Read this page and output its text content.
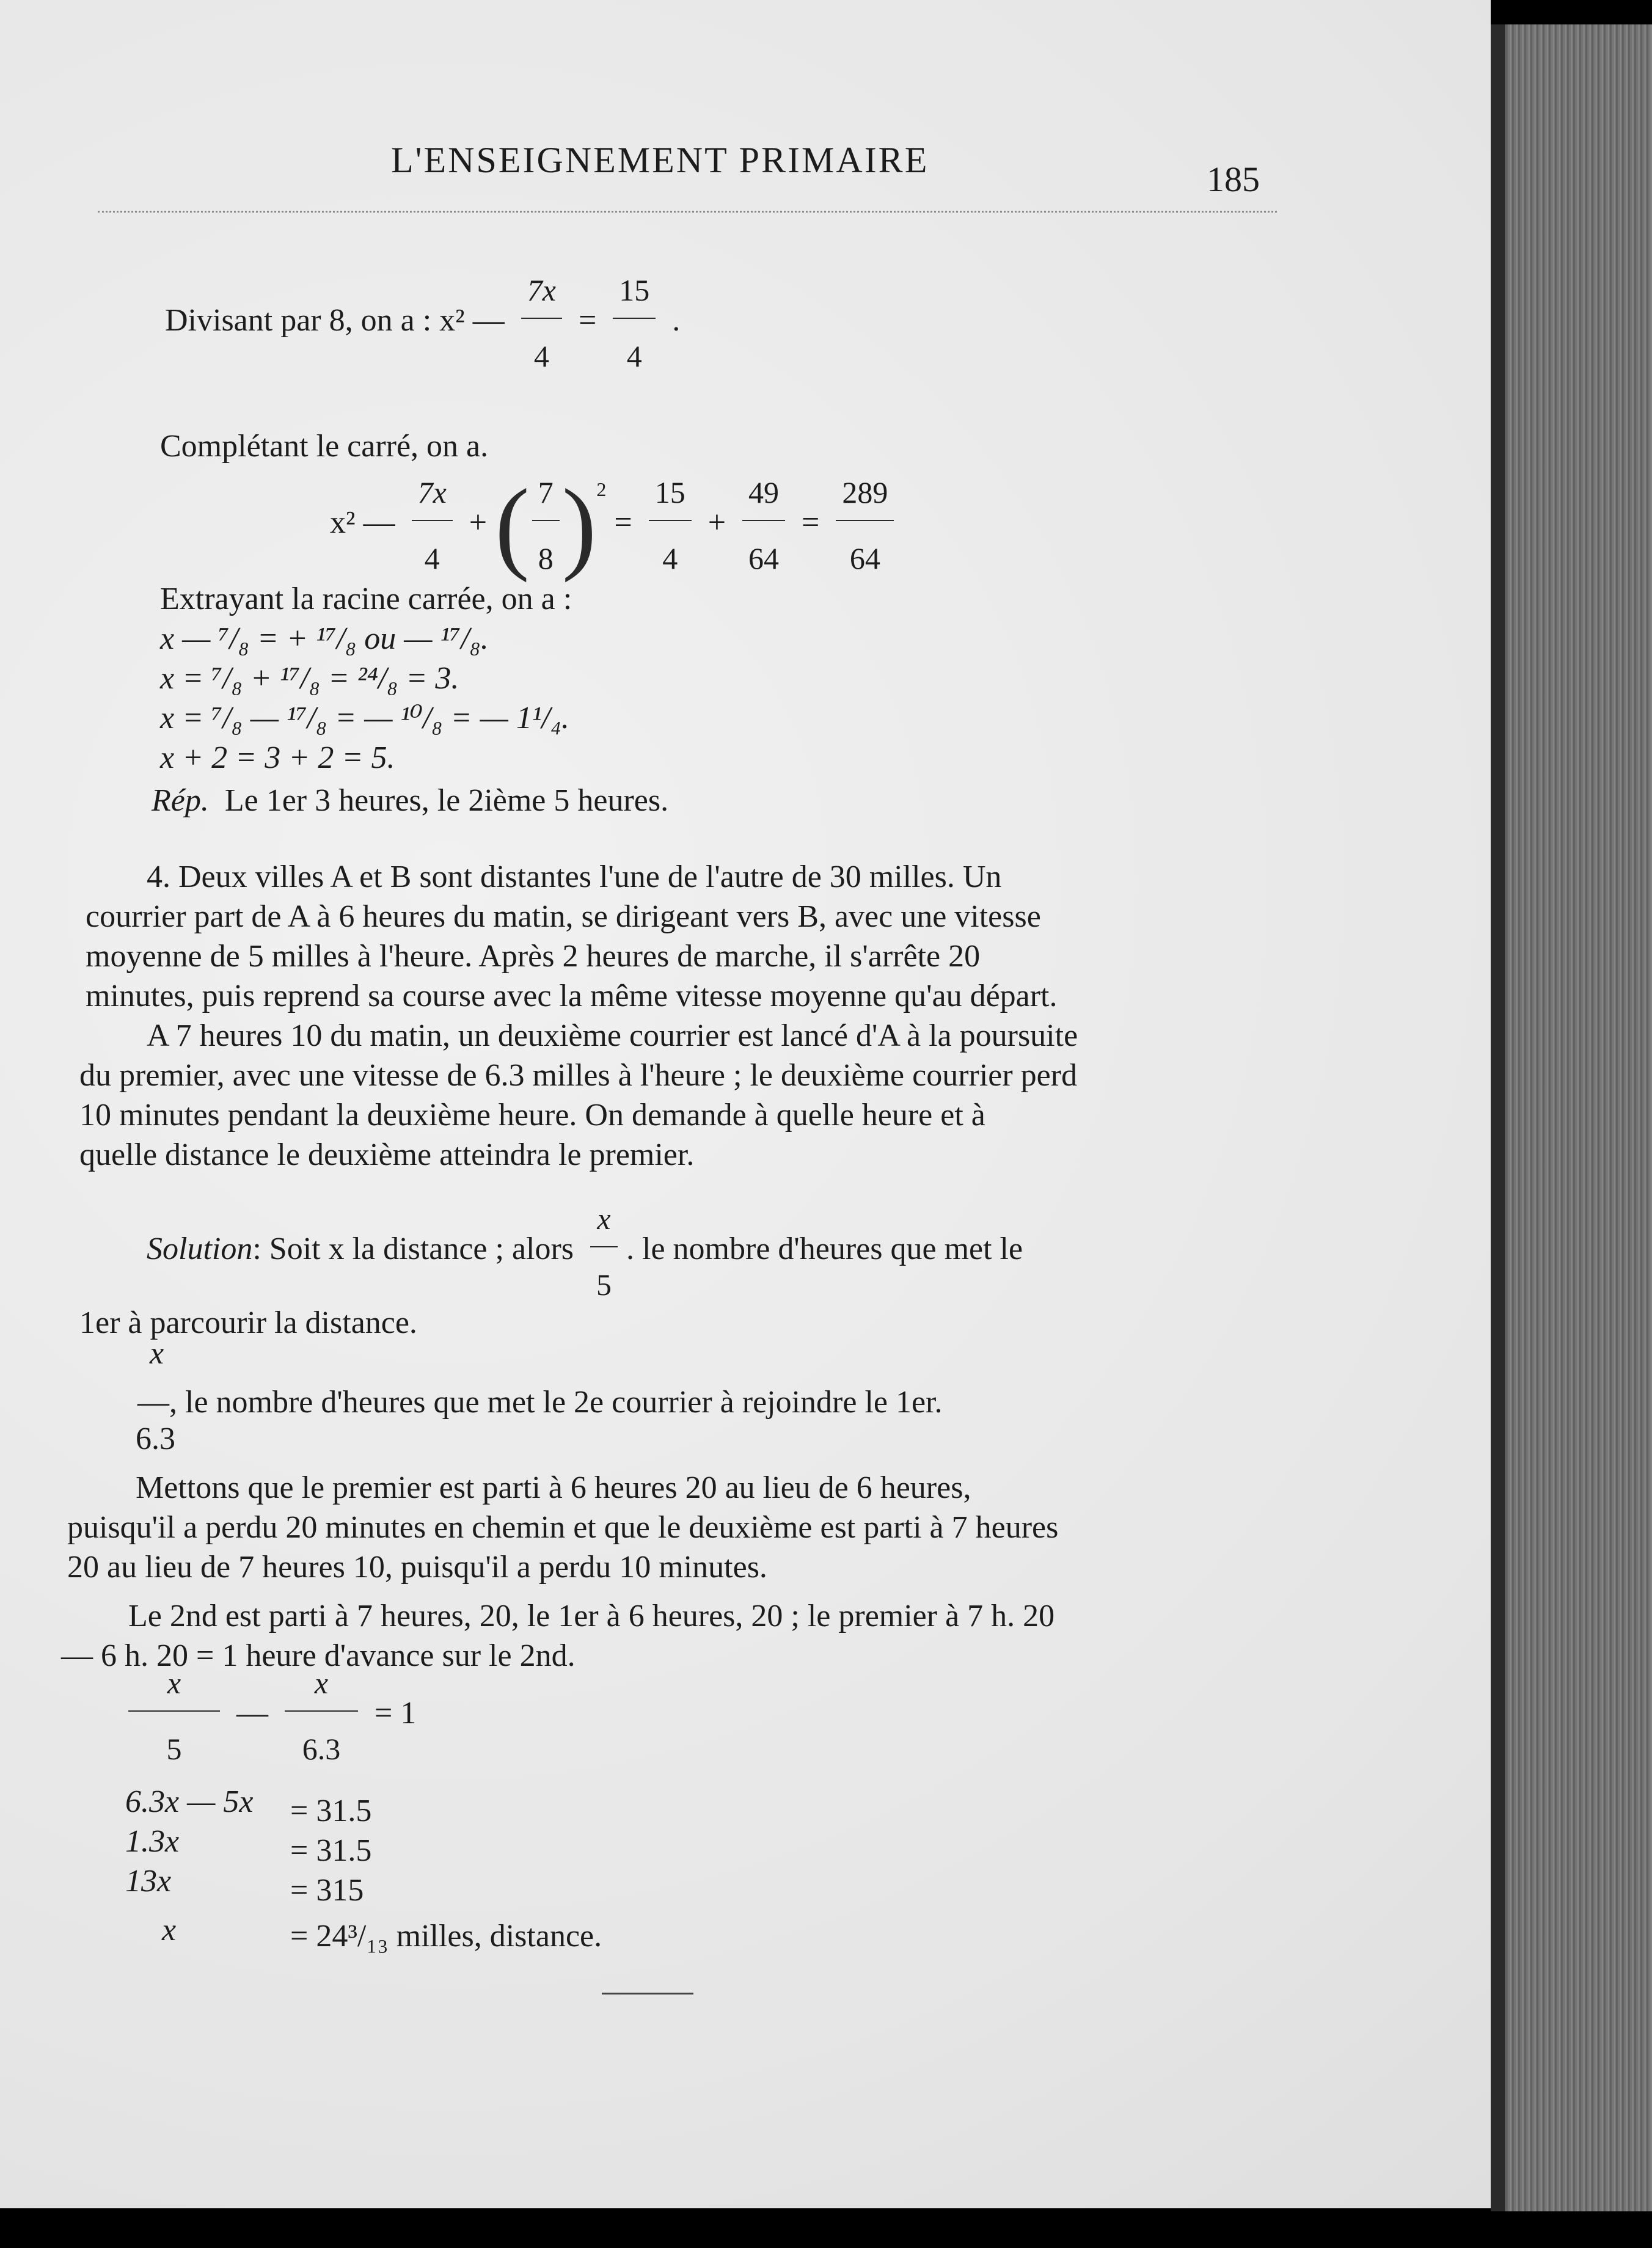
L'ENSEIGNEMENT PRIMAIRE	185
Divisant par 8, on a : x² — $\frac{7x}{4} = \frac{15}{4}$ .
Complétant le carré, on a.
x² — $\frac{7x}{4}$ + ( $\frac{7}{8} )^2 = \frac{15}{4} + \frac{49}{64} = \frac{289}{64}$
Extrayant la racine carrée, on a :
x — ⁷/₈ = + ¹⁷/₈ ou — ¹⁷/₈.
x = ⁷/₈ + ¹⁷/₈ = ²⁴/₈ = 3.
x = ⁷/₈ — ¹⁷/₈ = — ¹⁰/₈ = — 1¹/₄.
x + 2 = 3 + 2 = 5.
Rép. Le 1er 3 heures, le 2ième 5 heures.
4. Deux villes A et B sont distantes l'une de l'autre de 30 milles. Un
courrier part de A à 6 heures du matin, se dirigeant vers B, avec une vitesse
moyenne de 5 milles à l'heure. Après 2 heures de marche, il s'arrête 20
minutes, puis reprend sa course avec la même vitesse moyenne qu'au départ.
A 7 heures 10 du matin, un deuxième courrier est lancé d'A à la poursuite
du premier, avec une vitesse de 6.3 milles à l'heure ; le deuxième courrier perd
10 minutes pendant la deuxième heure. On demande à quelle heure et à
quelle distance le deuxième atteindra le premier.
Solution: Soit x la distance ; alors $\frac{x}{5}$ . le nombre d'heures que met le
1er à parcourir la distance.
x
—, le nombre d'heures que met le 2e courrier à rejoindre le 1er.
6.3
Mettons que le premier est parti à 6 heures 20 au lieu de 6 heures,
puisqu'il a perdu 20 minutes en chemin et que le deuxième est parti à 7 heures
20 au lieu de 7 heures 10, puisqu'il a perdu 10 minutes.
Le 2nd est parti à 7 heures, 20, le 1er à 6 heures, 20 ; le premier à 7 h. 20
— 6 h. 20 = 1 heure d'avance sur le 2nd.
$\frac{x}{5}$ — $\frac{x}{6.3} = 1$
6.3x — 5x = 31.5
1.3x	= 31.5
13x	= 315
x	= 24³/₁₃ milles, distance.
